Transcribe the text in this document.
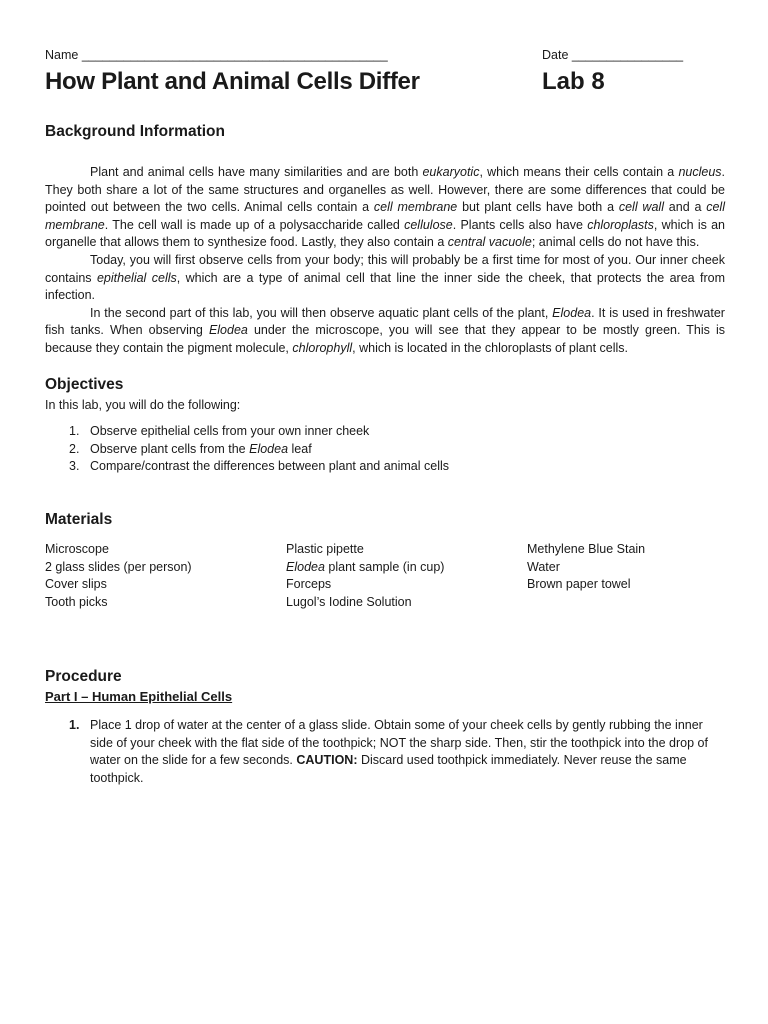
Name ____________________________________________	Date ________________
How Plant and Animal Cells Differ	Lab 8
Background Information

Plant and animal cells have many similarities and are both eukaryotic, which means their cells contain a nucleus. They both share a lot of the same structures and organelles as well. However, there are some differences that could be pointed out between the two cells. Animal cells contain a cell membrane but plant cells have both a cell wall and a cell membrane. The cell wall is made up of a polysaccharide called cellulose. Plants cells also have chloroplasts, which is an organelle that allows them to synthesize food. Lastly, they also contain a central vacuole; animal cells do not have this.

Today, you will first observe cells from your body; this will probably be a first time for most of you. Our inner cheek contains epithelial cells, which are a type of animal cell that line the inner side the cheek, that protects the area from infection.

In the second part of this lab, you will then observe aquatic plant cells of the plant, Elodea. It is used in freshwater fish tanks. When observing Elodea under the microscope, you will see that they appear to be mostly green. This is because they contain the pigment molecule, chlorophyll, which is located in the chloroplasts of plant cells.

Objectives
In this lab, you will do the following:
1. Observe epithelial cells from your own inner cheek
2. Observe plant cells from the Elodea leaf
3. Compare/contrast the differences between plant and animal cells
Materials
Microscope
2 glass slides (per person)
Cover slips
Tooth picks
Plastic pipette
Elodea plant sample (in cup)
Forceps
Lugol’s Iodine Solution
Methylene Blue Stain
Water
Brown paper towel
Procedure
Part I – Human Epithelial Cells
1. Place 1 drop of water at the center of a glass slide. Obtain some of your cheek cells by gently rubbing the inner side of your cheek with the flat side of the toothpick; NOT the sharp side. Then, stir the toothpick into the drop of water on the slide for a few seconds. CAUTION: Discard used toothpick immediately. Never reuse the same toothpick.
